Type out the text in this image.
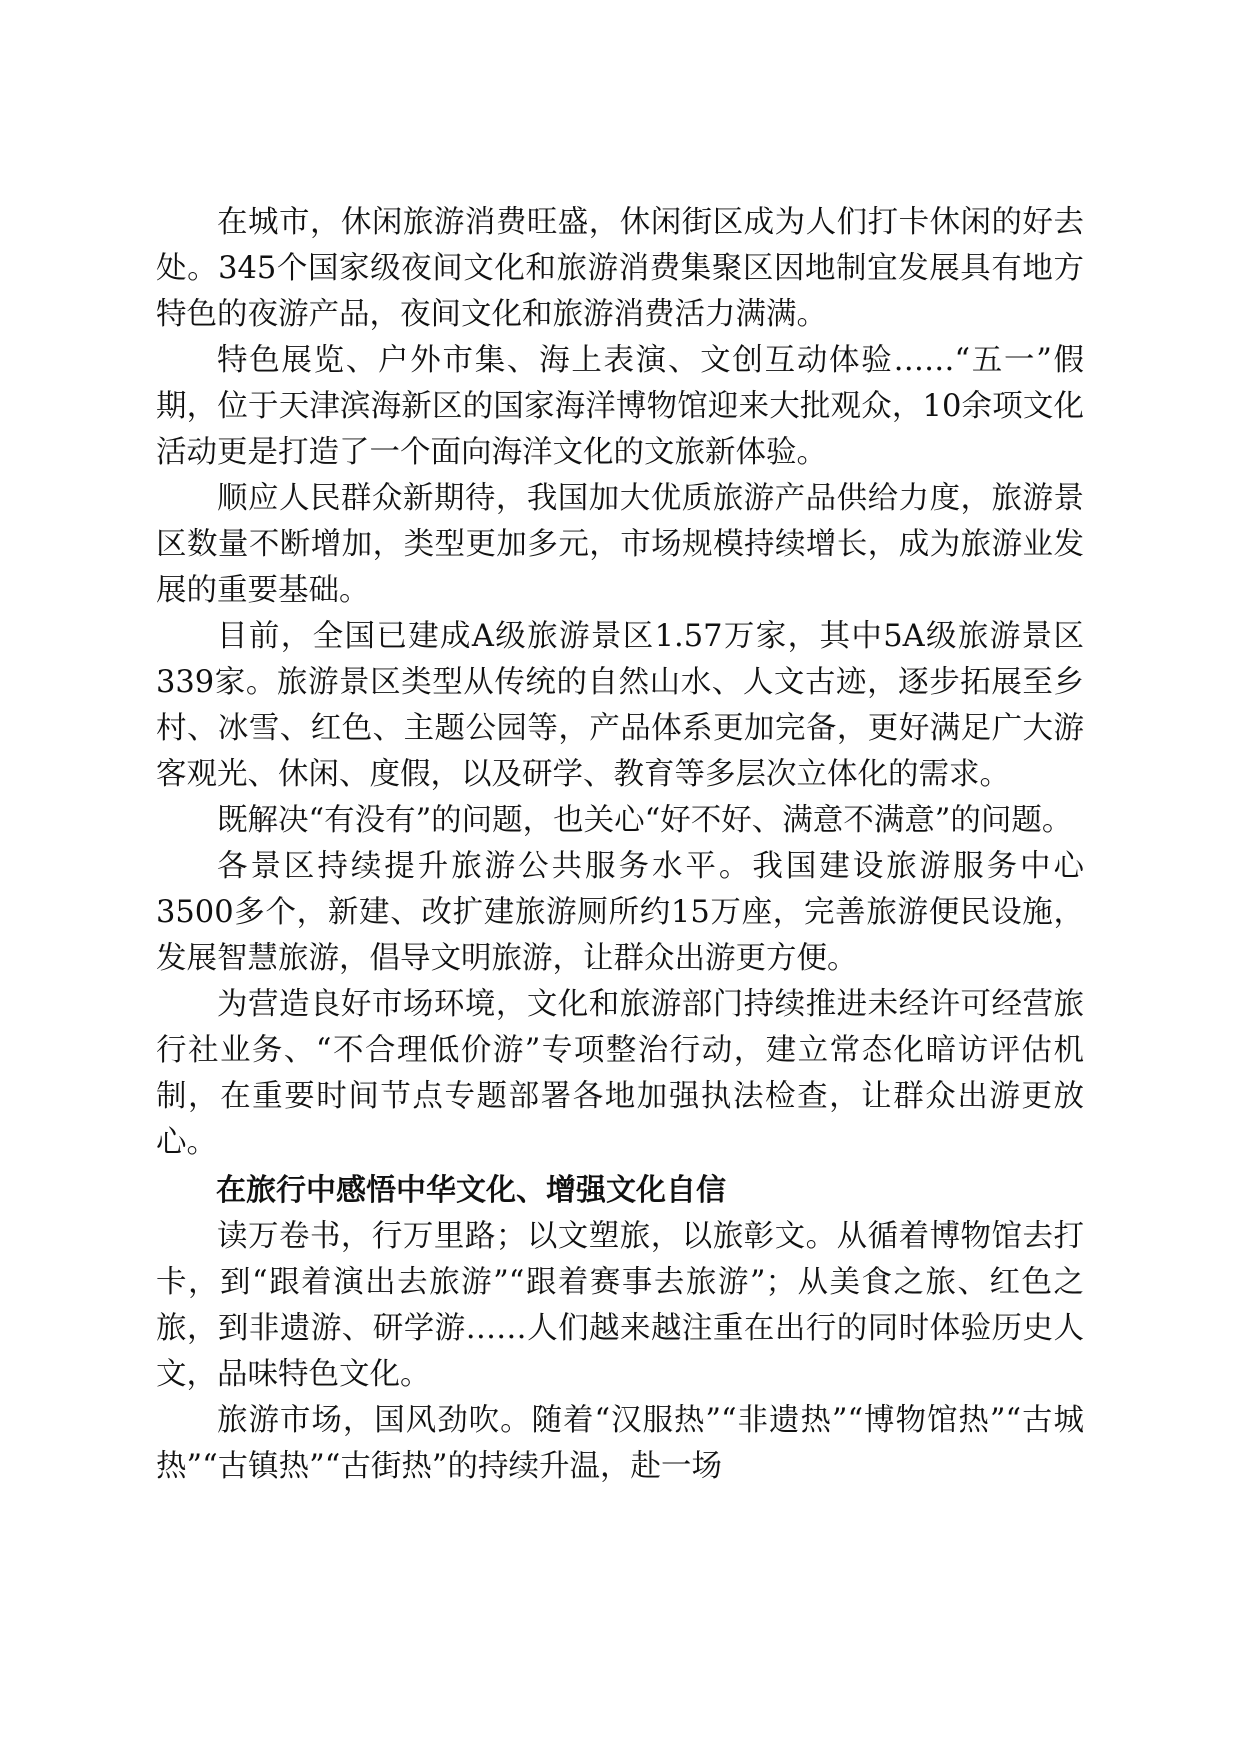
在城市，休闲旅游消费旺盛，休闲街区成为人们打卡休闲的好去处。345个国家级夜间文化和旅游消费集聚区因地制宜发展具有地方特色的夜游产品，夜间文化和旅游消费活力满满。

特色展览、户外市集、海上表演、文创互动体验……“五一”假期，位于天津滨海新区的国家海洋博物馆迎来大批观众，10余项文化活动更是打造了一个面向海洋文化的文旅新体验。

顺应人民群众新期待，我国加大优质旅游产品供给力度，旅游景区数量不断增加，类型更加多元，市场规模持续增长，成为旅游业发展的重要基础。

目前，全国已建成A级旅游景区1.57万家，其中5A级旅游景区339家。旅游景区类型从传统的自然山水、人文古迹，逐步拓展至乡村、冰雪、红色、主题公园等，产品体系更加完备，更好满足广大游客观光、休闲、度假，以及研学、教育等多层次立体化的需求。

既解决“有没有”的问题，也关心“好不好、满意不满意”的问题。

各景区持续提升旅游公共服务水平。我国建设旅游服务中心3500多个，新建、改扩建旅游厕所约15万座，完善旅游便民设施，发展智慧旅游，倡导文明旅游，让群众出游更方便。

为营造良好市场环境，文化和旅游部门持续推进未经许可经营旅行社业务、“不合理低价游”专项整治行动，建立常态化暗访评估机制，在重要时间节点专题部署各地加强执法检查，让群众出游更放心。

在旅行中感悟中华文化、增强文化自信

读万卷书，行万里路；以文塑旅，以旅彰文。从循着博物馆去打卡，到“跟着演出去旅游”“跟着赛事去旅游”；从美食之旅、红色之旅，到非遗游、研学游……人们越来越注重在出行的同时体验历史人文，品味特色文化。

旅游市场，国风劲吹。随着“汉服热”“非遗热”“博物馆热”“古城热”“古镇热”“古街热”的持续升温，赴一场
